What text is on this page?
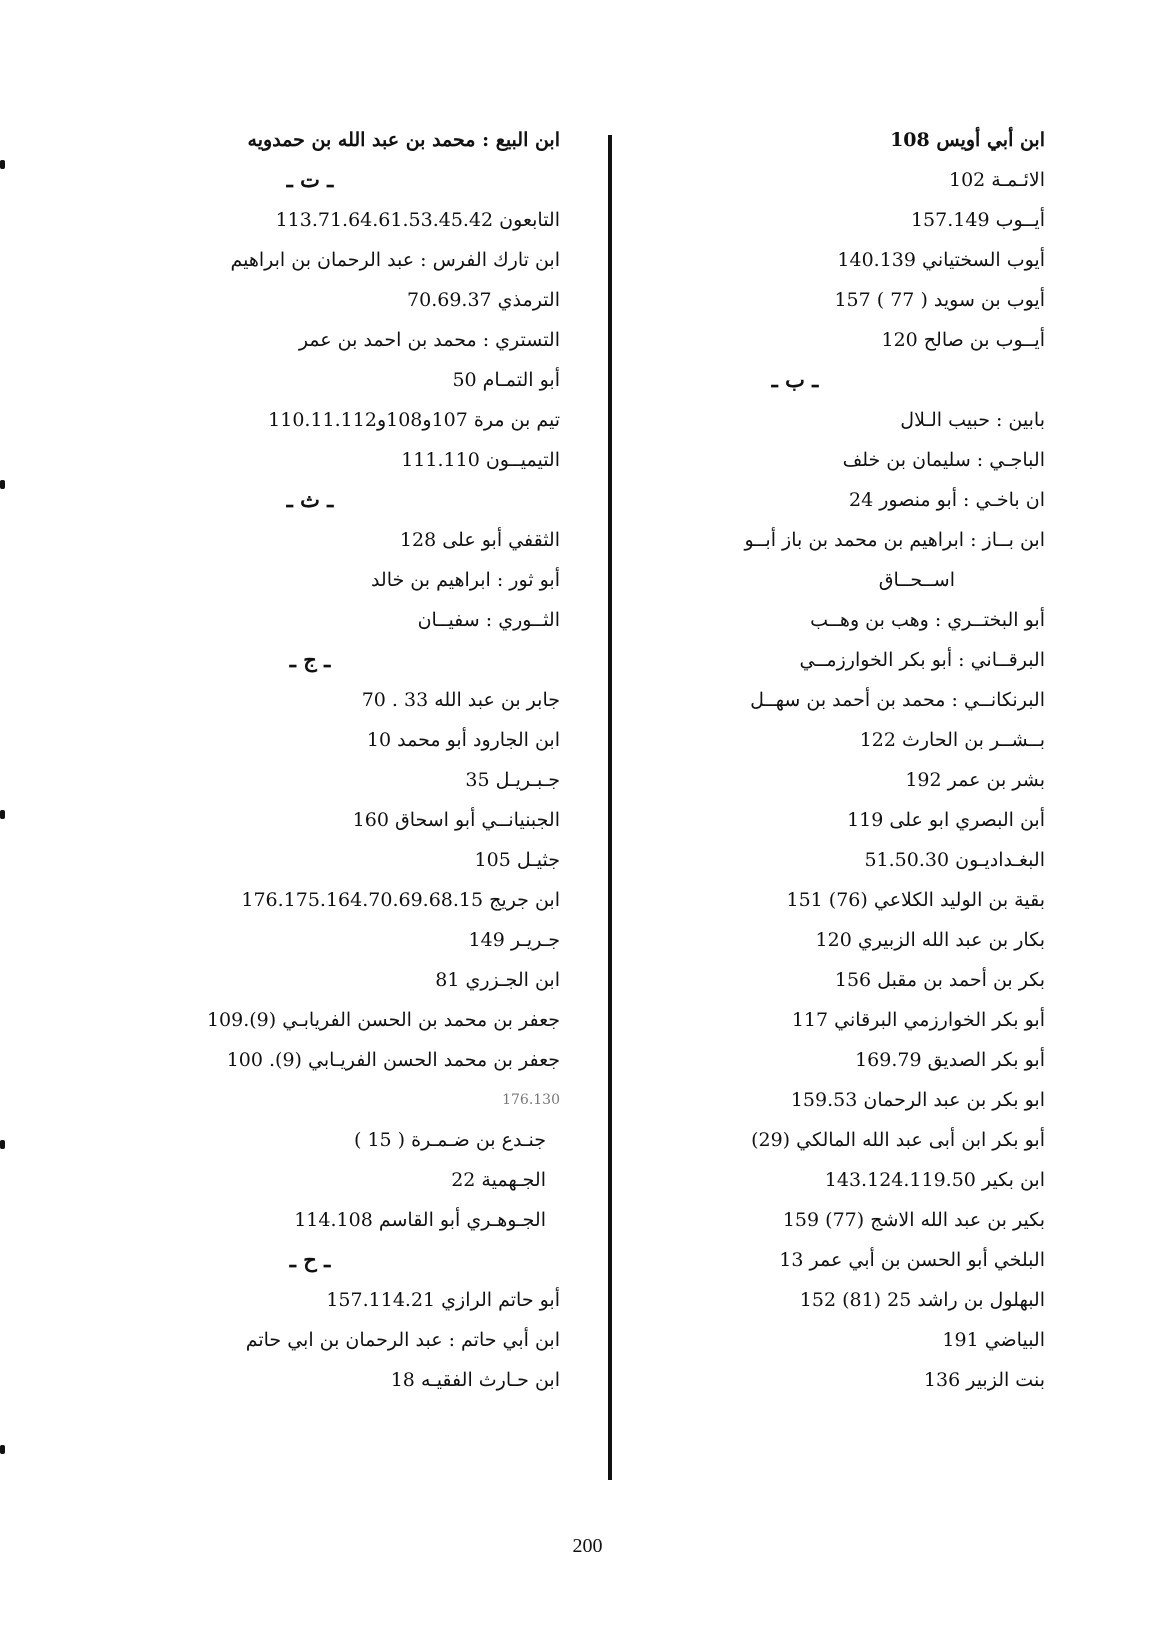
ابن أبي أويس 108
الائـمـة 102
أيــوب 157.149
أيوب السختياني 140.139
أيوب بن سويد ( 77 ) 157
أيــوب بن صالح 120
ـ ب ـ
بابين : حبيب الـلال
الباجـي : سليمان بن خلف
ان باخـي : أبو منصور 24
ابن بــاز : ابراهيم بن محمد بن باز أبــو
اســحــاق
أبو البختــري : وهب بن وهــب
البرقــاني : أبو بكر الخوارزمــي
البرنكانــي : محمد بن أحمد بن سهــل
بــشــر بن الحارث 122
بشر بن عمر 192
أبن البصري ابو على 119
البغـداديـون 51.50.30
بقية بن الوليد الكلاعي (76) 151
بكار بن عبد الله الزبيري 120
بكر بن أحمد بن مقبل 156
أبو بكر الخوارزمي البرقاني 117
أبو بكر الصديق 169.79
ابو بكر بن عبد الرحمان 159.53
أبو بكر ابن أبى عبد الله المالكي (29)
ابن بكير 143.124.119.50
بكير بن عبد الله الاشج (77) 159
البلخي أبو الحسن بن أبي عمر 13
البهلول بن راشد 25 (81) 152
البياضي 191
بنت الزبير 136
ابن البيع : محمد بن عبد الله بن حمدويه
ـ ت ـ
التابعون 113.71.64.61.53.45.42
ابن تارك الفرس : عبد الرحمان بن ابراهيم
الترمذي 70.69.37
التستري : محمد بن احمد بن عمر
أبو التمـام 50
تيم بن مرة 107و108و110.11.112
التيميــون 111.110
ـ ث ـ
الثقفي أبو على 128
أبو ثور : ابراهيم بن خالد
الثــوري : سفيــان
ـ ج ـ
جابر بن عبد الله 33 . 70
ابن الجارود أبو محمد 10
جـبـريـل 35
الجبنيانــي أبو اسحاق 160
جثيـل 105
ابن جريج 176.175.164.70.69.68.15
جـريـر 149
ابن الجـزري 81
جعفر بن محمد بن الحسن الفريابـي (9).109
جعفر بن محمد الحسن الفريـابي (9). 100
176.130
جنـدع بن ضـمـرة ( 15 )
الجـهمية 22
الجـوهـري أبو القاسم 114.108
ـ ح ـ
أبو حاتم الرازي 157.114.21
ابن أبي حاتم : عبد الرحمان بن ابي حاتم
ابن حـارث الفقيـه 18
200
